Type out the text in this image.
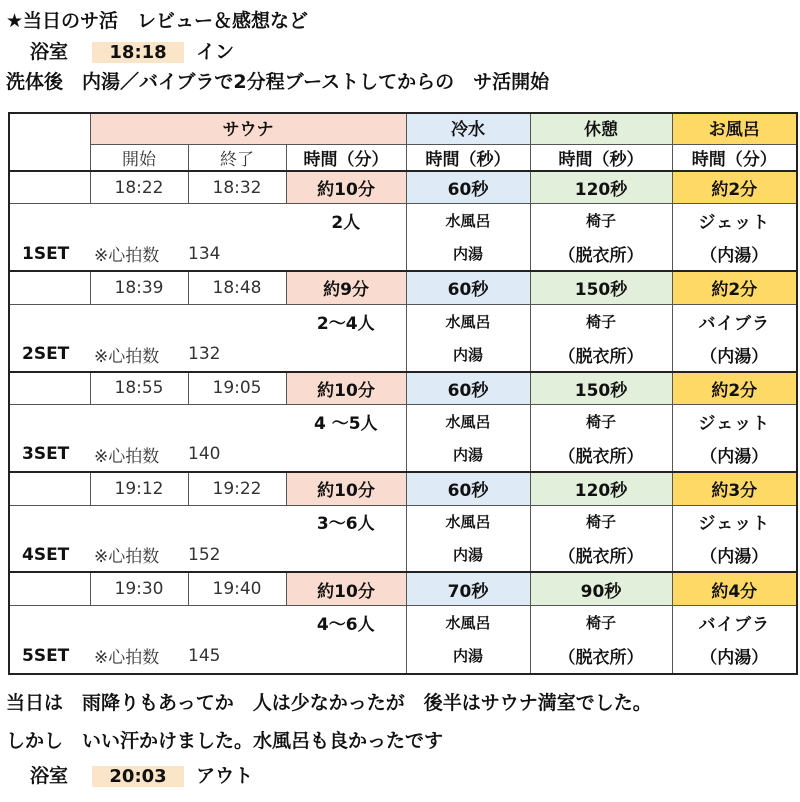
★当日のサ活　レビュー＆感想など
浴室 18:18 イン
洗体後　内湯／バイブラで2分程ブーストしてからの　サ活開始
	サウナ			冷水	休憩	お風呂
	開始	終了	時間（分）	時間（秒）	時間（秒）	時間（分）
	18:22	18:32	約10分	60秒	120秒	約2分
			2人	水風呂	椅子	ジェット
1SET	※心拍数	134		内湯	（脱衣所）	（内湯）
	18:39	18:48	約9分	60秒	150秒	約2分
			2～4人	水風呂	椅子	バイブラ
2SET	※心拍数	132		内湯	（脱衣所）	（内湯）
	18:55	19:05	約10分	60秒	150秒	約2分
			4 ～5人	水風呂	椅子	ジェット
3SET	※心拍数	140		内湯	（脱衣所）	（内湯）
	19:12	19:22	約10分	60秒	120秒	約3分
			3～6人	水風呂	椅子	ジェット
4SET	※心拍数	152		内湯	（脱衣所）	（内湯）
	19:30	19:40	約10分	70秒	90秒	約4分
			4～6人	水風呂	椅子	バイブラ
5SET	※心拍数	145		内湯	（脱衣所）	（内湯）
当日は　雨降りもあってか　人は少なかったが　後半はサウナ満室でした。
しかし　いい汗かけました。水風呂も良かったです
浴室 20:03 アウト
